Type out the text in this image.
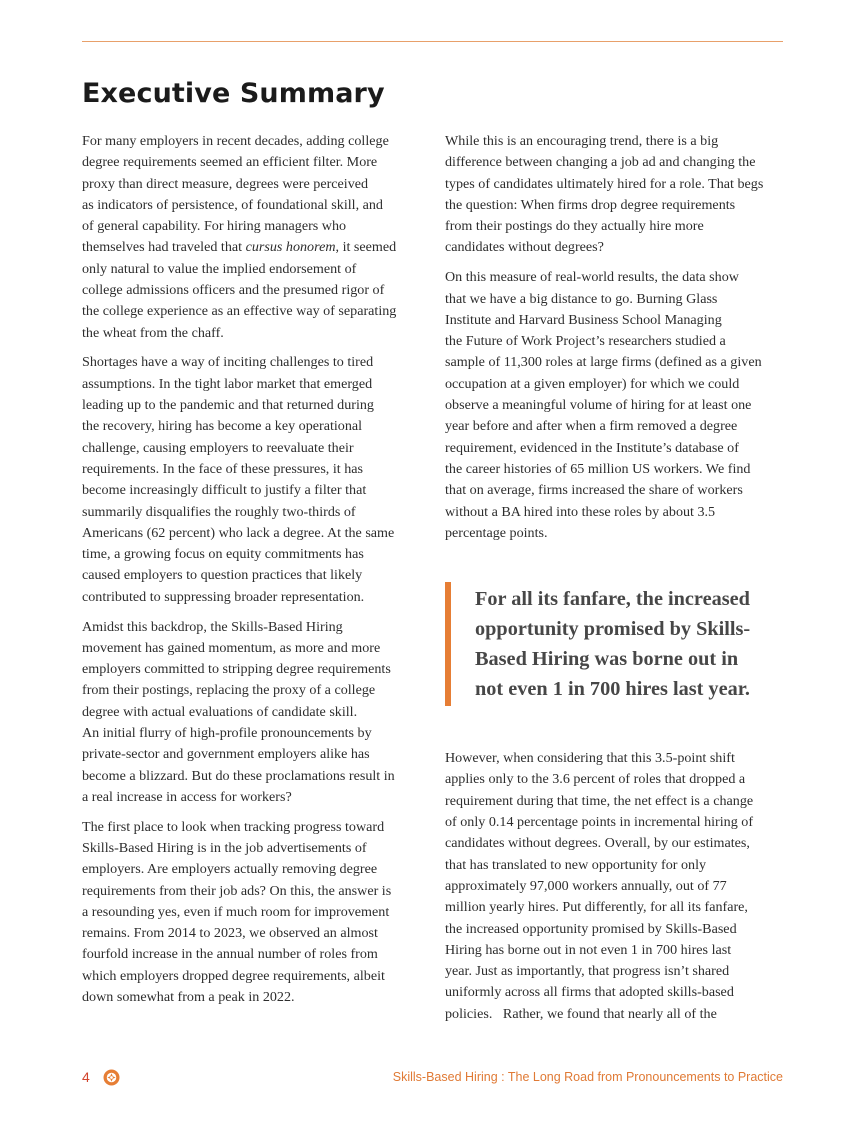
Executive Summary

For many employers in recent decades, adding college
degree requirements seemed an efficient filter. More
proxy than direct measure, degrees were perceived
as indicators of persistence, of foundational skill, and
of general capability. For hiring managers who
themselves had traveled that cursus honorem, it seemed
only natural to value the implied endorsement of
college admissions officers and the presumed rigor of
the college experience as an effective way of separating
the wheat from the chaff.

Shortages have a way of inciting challenges to tired
assumptions. In the tight labor market that emerged
leading up to the pandemic and that returned during
the recovery, hiring has become a key operational
challenge, causing employers to reevaluate their
requirements. In the face of these pressures, it has
become increasingly difficult to justify a filter that
summarily disqualifies the roughly two-thirds of
Americans (62 percent) who lack a degree. At the same
time, a growing focus on equity commitments has
caused employers to question practices that likely
contributed to suppressing broader representation.

Amidst this backdrop, the Skills-Based Hiring
movement has gained momentum, as more and more
employers committed to stripping degree requirements
from their postings, replacing the proxy of a college
degree with actual evaluations of candidate skill.
An initial flurry of high-profile pronouncements by
private-sector and government employers alike has
become a blizzard. But do these proclamations result in
a real increase in access for workers?

The first place to look when tracking progress toward
Skills-Based Hiring is in the job advertisements of
employers. Are employers actually removing degree
requirements from their job ads? On this, the answer is
a resounding yes, even if much room for improvement
remains. From 2014 to 2023, we observed an almost
fourfold increase in the annual number of roles from
which employers dropped degree requirements, albeit
down somewhat from a peak in 2022.

While this is an encouraging trend, there is a big
difference between changing a job ad and changing the
types of candidates ultimately hired for a role. That begs
the question: When firms drop degree requirements
from their postings do they actually hire more
candidates without degrees?

On this measure of real-world results, the data show
that we have a big distance to go. Burning Glass
Institute and Harvard Business School Managing
the Future of Work Project’s researchers studied a
sample of 11,300 roles at large firms (defined as a given
occupation at a given employer) for which we could
observe a meaningful volume of hiring for at least one
year before and after when a firm removed a degree
requirement, evidenced in the Institute’s database of
the career histories of 65 million US workers. We find
that on average, firms increased the share of workers
without a BA hired into these roles by about 3.5
percentage points.

For all its fanfare, the increased
opportunity promised by Skills-
Based Hiring was borne out in
not even 1 in 700 hires last year.

However, when considering that this 3.5-point shift
applies only to the 3.6 percent of roles that dropped a
requirement during that time, the net effect is a change
of only 0.14 percentage points in incremental hiring of
candidates without degrees. Overall, by our estimates,
that has translated to new opportunity for only
approximately 97,000 workers annually, out of 77
million yearly hires. Put differently, for all its fanfare,
the increased opportunity promised by Skills-Based
Hiring has borne out in not even 1 in 700 hires last
year. Just as importantly, that progress isn’t shared
uniformly across all firms that adopted skills-based
policies.   Rather, we found that nearly all of the

4	Skills-Based Hiring : The Long Road from Pronouncements to Practice
